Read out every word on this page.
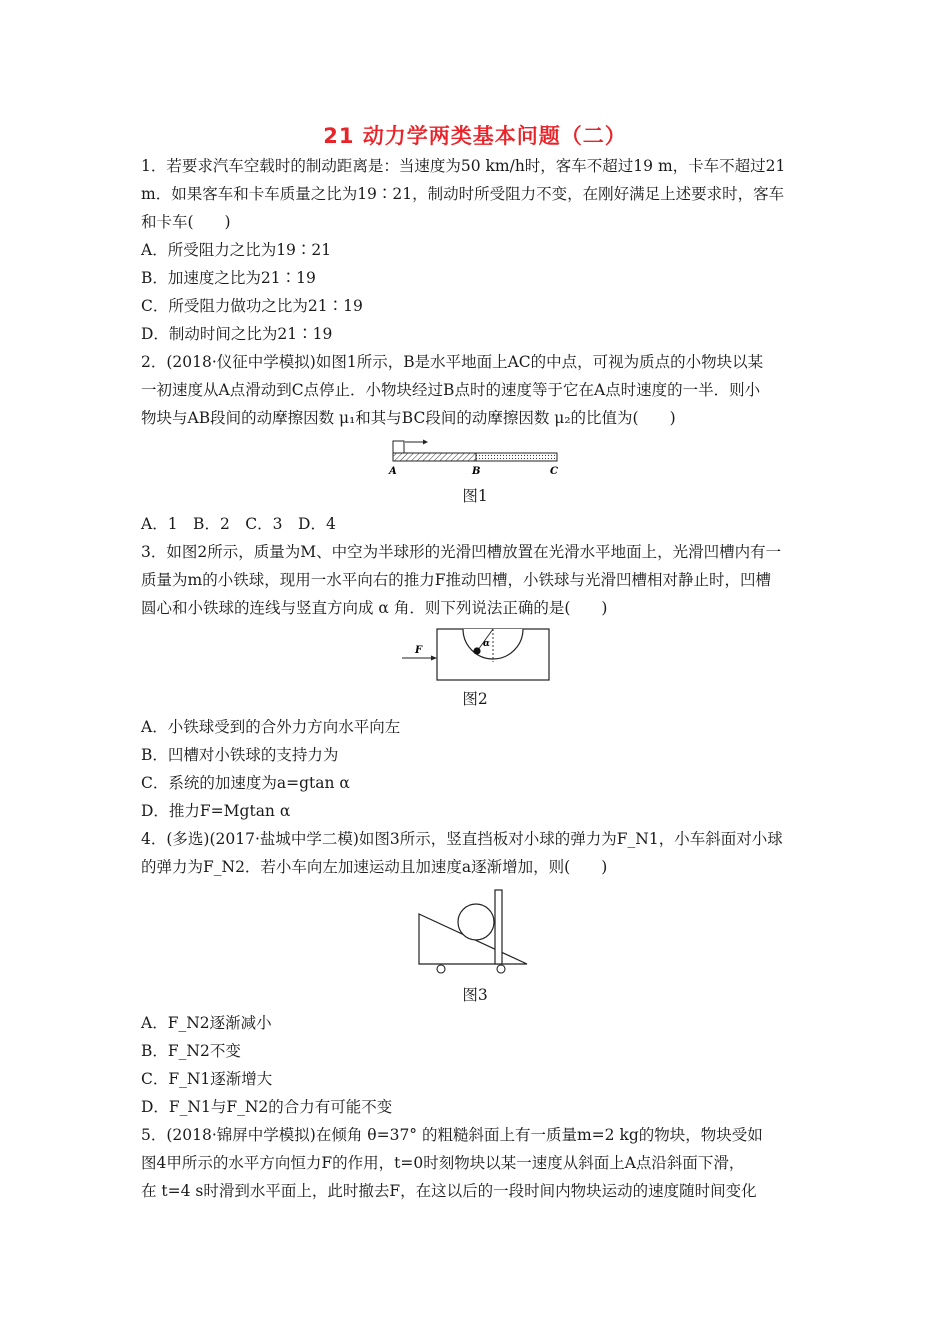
21 动力学两类基本问题（二）
1．若要求汽车空载时的制动距离是：当速度为50 km/h时，客车不超过19 m，卡车不超过21
m．如果客车和卡车质量之比为19∶21，制动时所受阻力不变，在刚好满足上述要求时，客车
和卡车(　　)
A．所受阻力之比为19∶21
B．加速度之比为21∶19
C．所受阻力做功之比为21∶19
D．制动时间之比为21∶19
2．(2018·仪征中学模拟)如图1所示，B是水平地面上AC的中点，可视为质点的小物块以某
一初速度从A点滑动到C点停止．小物块经过B点时的速度等于它在A点时速度的一半．则小
物块与AB段间的动摩擦因数 μ₁和其与BC段间的动摩擦因数 μ₂的比值为(　　)
A	B	C
图1
A．1　B．2　C．3　D．4
3．如图2所示，质量为M、中空为半球形的光滑凹槽放置在光滑水平地面上，光滑凹槽内有一
质量为m的小铁球，现用一水平向右的推力F推动凹槽，小铁球与光滑凹槽相对静止时，凹槽
圆心和小铁球的连线与竖直方向成 α 角．则下列说法正确的是(　　)
α
F
图2
A．小铁球受到的合外力方向水平向左
B．凹槽对小铁球的支持力为
C．系统的加速度为a=gtan α
D．推力F=Mgtan α
4．(多选)(2017·盐城中学二模)如图3所示，竖直挡板对小球的弹力为F_N1，小车斜面对小球
的弹力为F_N2．若小车向左加速运动且加速度a逐渐增加，则(　　)
图3
A．F_N2逐渐减小
B．F_N2不变
C．F_N1逐渐增大
D．F_N1与F_N2的合力有可能不变
5．(2018·锦屏中学模拟)在倾角 θ=37° 的粗糙斜面上有一质量m=2 kg的物块，物块受如
图4甲所示的水平方向恒力F的作用，t=0时刻物块以某一速度从斜面上A点沿斜面下滑，
在 t=4 s时滑到水平面上，此时撤去F，在这以后的一段时间内物块运动的速度随时间变化
